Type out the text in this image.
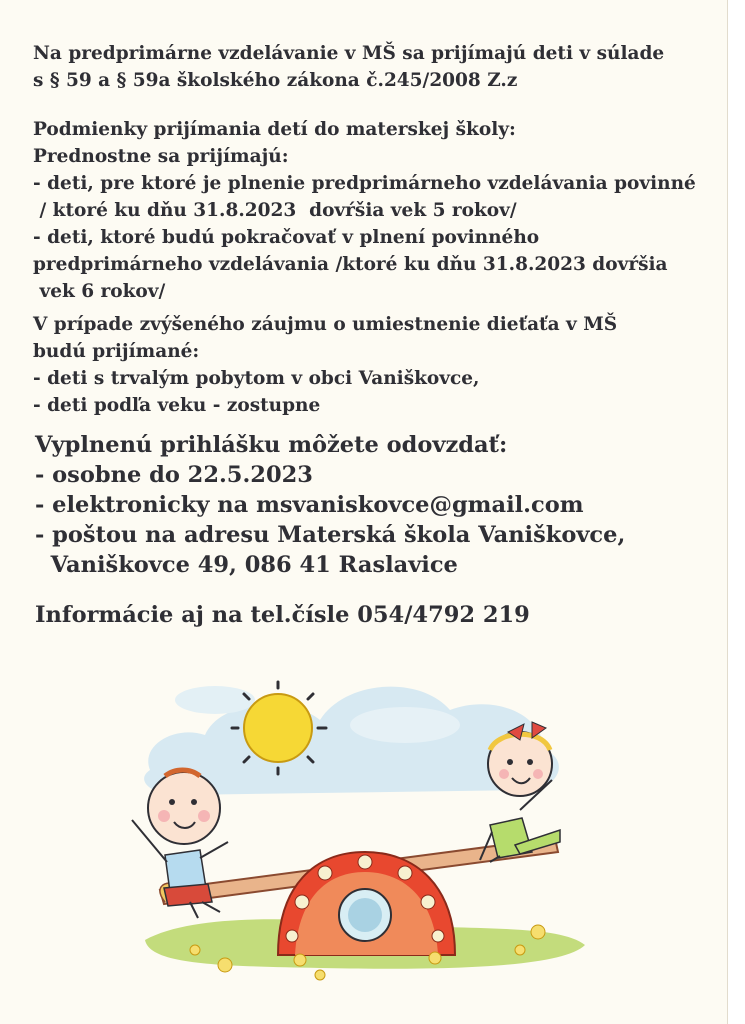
Na predprimárne vzdelávanie v MŠ sa prijímajú deti v súlade
s § 59 a § 59a školského zákona č.245/2008 Z.z
Podmienky prijímania detí do materskej školy:
Prednostne sa prijímajú:
- deti, pre ktoré je plnenie predprimárneho vzdelávania povinné
/ ktoré ku dňu 31.8.2023  dovŕšia vek 5 rokov/
- deti, ktoré budú pokračovať v plnení povinného
predprimárneho vzdelávania /ktoré ku dňu 31.8.2023 dovŕšia
vek 6 rokov/
V prípade zvýšeného záujmu o umiestnenie dieťaťa v MŠ
budú prijímané:
- deti s trvalým pobytom v obci Vaniškovce,
- deti podľa veku - zostupne
Vyplnenú prihlášku môžete odovzdať:
- osobne do 22.5.2023
- elektronicky na msvaniskovce@gmail.com
- poštou na adresu Materská škola Vaniškovce,
Vaniškovce 49, 086 41 Raslavice
Informácie aj na tel.čísle 054/4792 219
